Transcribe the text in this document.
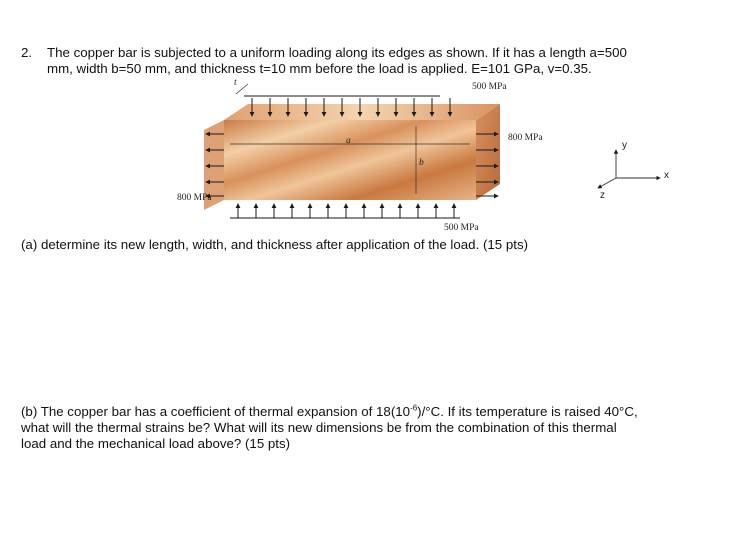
2. The copper bar is subjected to a uniform loading along its edges as shown. If it has a length a=500
mm, width b=50 mm, and thickness t=10 mm before the load is applied. E=101 GPa, v=0.35.
500 MPa
800 MPa
800 MPa
500 MPa
a
b
t
y
x
z
(a) determine its new length, width, and thickness after application of the load. (15 pts)
(b) The copper bar has a coefficient of thermal expansion of $18(10^{-6})/^\circ C$. If its temperature is raised 40°C,
what will the thermal strains be? What will its new dimensions be from the combination of this thermal
load and the mechanical load above? (15 pts)
